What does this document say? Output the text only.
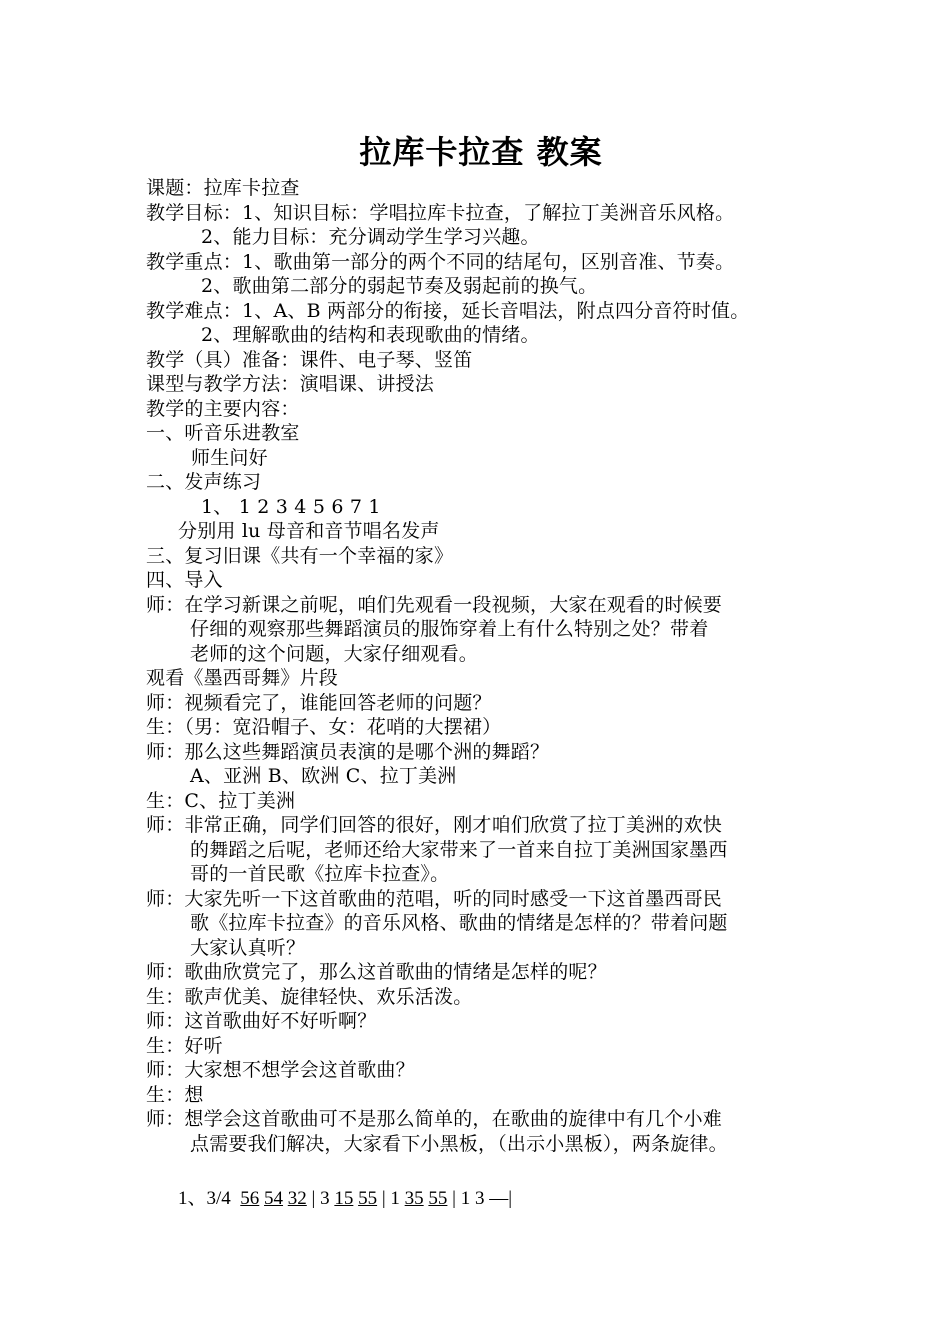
拉库卡拉查 教案
课题：拉库卡拉查
教学目标：1、知识目标：学唱拉库卡拉查，了解拉丁美洲音乐风格。
2、能力目标：充分调动学生学习兴趣。
教学重点：1、歌曲第一部分的两个不同的结尾句，区别音准、节奏。
2、歌曲第二部分的弱起节奏及弱起前的换气。
教学难点：1、A、B 两部分的衔接，延长音唱法，附点四分音符时值。
2、理解歌曲的结构和表现歌曲的情绪。
教学（具）准备：课件、电子琴、竖笛
课型与教学方法：演唱课、讲授法
教学的主要内容：
一、听音乐进教室
师生问好
二、发声练习
1、 1 2 3 4 5 6 7 1
分别用 lu 母音和音节唱名发声
三、复习旧课《共有一个幸福的家》
四、导入
师：在学习新课之前呢，咱们先观看一段视频，大家在观看的时候要
仔细的观察那些舞蹈演员的服饰穿着上有什么特别之处？带着
老师的这个问题，大家仔细观看。
观看《墨西哥舞》片段
师：视频看完了，谁能回答老师的问题？
生：（男：宽沿帽子、女：花哨的大摆裙）
师：那么这些舞蹈演员表演的是哪个洲的舞蹈？
A、亚洲 B、欧洲 C、拉丁美洲
生：C、拉丁美洲
师：非常正确，同学们回答的很好，刚才咱们欣赏了拉丁美洲的欢快
的舞蹈之后呢，老师还给大家带来了一首来自拉丁美洲国家墨西
哥的一首民歌《拉库卡拉查》。
师：大家先听一下这首歌曲的范唱，听的同时感受一下这首墨西哥民
歌《拉库卡拉查》的音乐风格、歌曲的情绪是怎样的？带着问题
大家认真听？
师：歌曲欣赏完了，那么这首歌曲的情绪是怎样的呢？
生：歌声优美、旋律轻快、欢乐活泼。
师：这首歌曲好不好听啊？
生：好听
师：大家想不想学会这首歌曲？
生：想
师：想学会这首歌曲可不是那么简单的，在歌曲的旋律中有几个小难
点需要我们解决，大家看下小黑板，（出示小黑板），两条旋律。
1、3/4  56 54 32 | 3 15 55 | 1 35 55 | 1 3 —|
